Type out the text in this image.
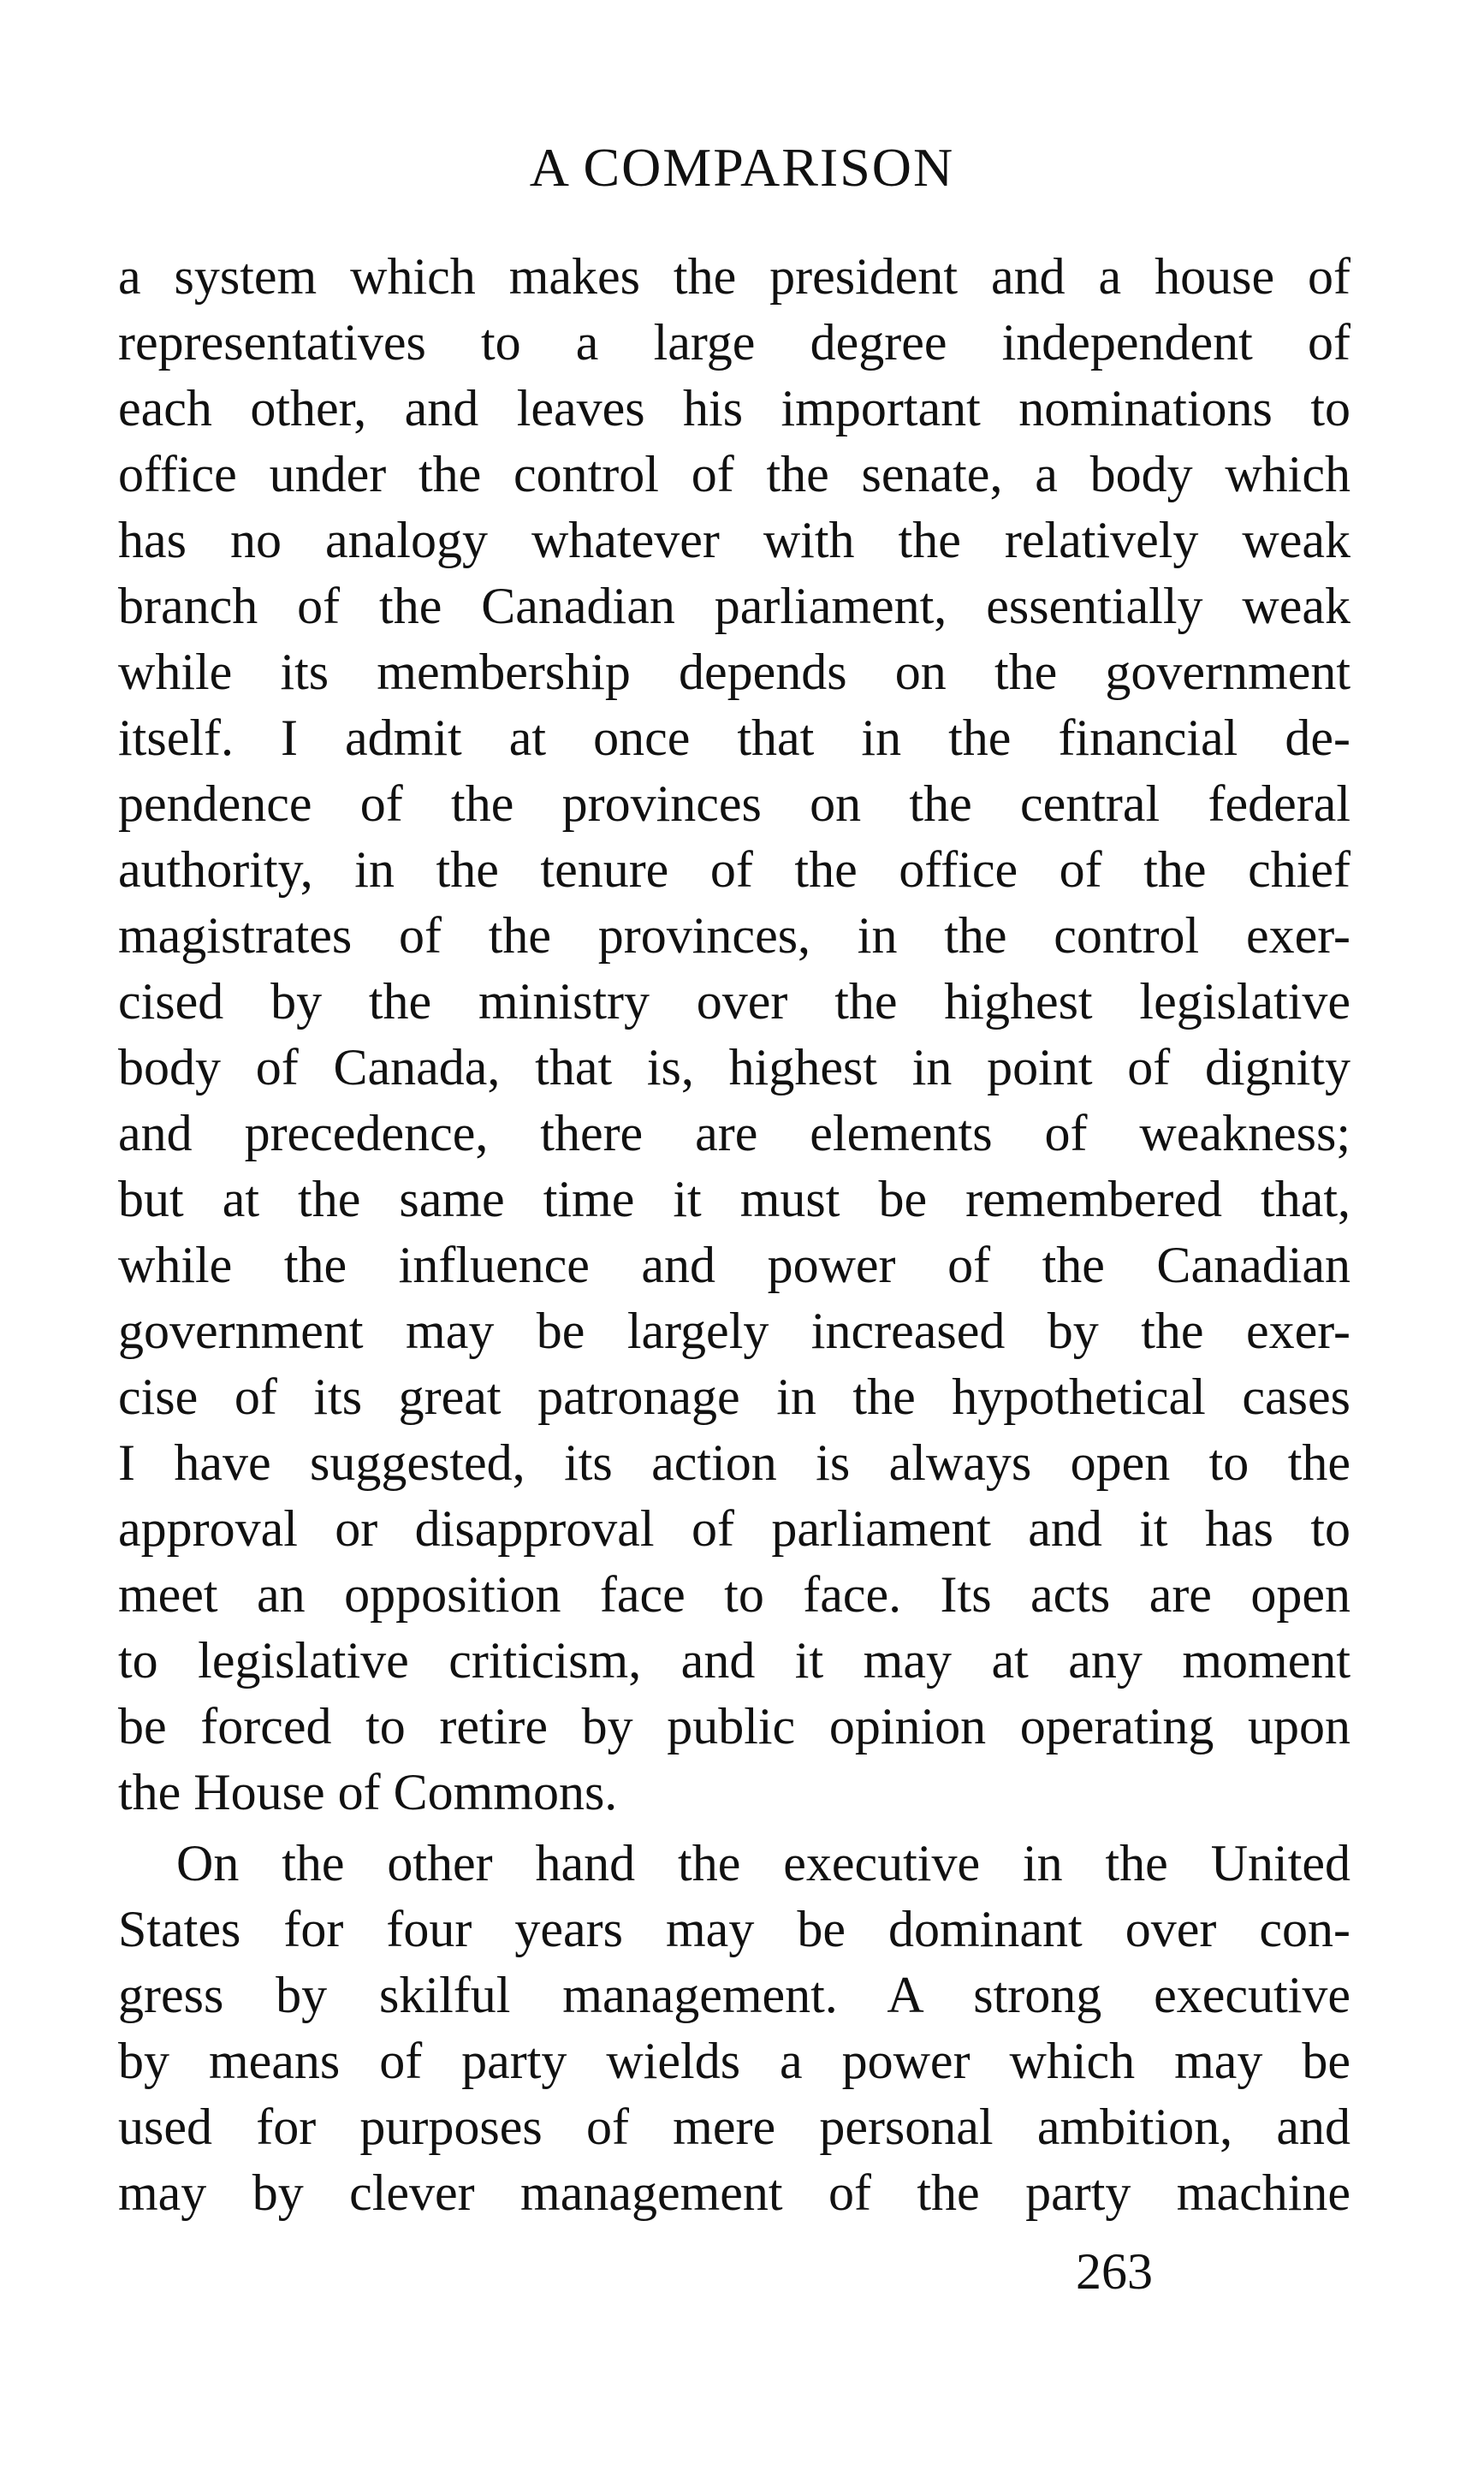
A COMPARISON
a system which makes the president and a house of
representatives to a large degree independent of
each other, and leaves his important nominations to
office under the control of the senate, a body which
has no analogy whatever with the relatively weak
branch of the Canadian parliament, essentially weak
while its membership depends on the government
itself. I admit at once that in the financial de-
pendence of the provinces on the central federal
authority, in the tenure of the office of the chief
magistrates of the provinces, in the control exer-
cised by the ministry over the highest legislative
body of Canada, that is, highest in point of dignity
and precedence, there are elements of weakness;
but at the same time it must be remembered that,
while the influence and power of the Canadian
government may be largely increased by the exer-
cise of its great patronage in the hypothetical cases
I have suggested, its action is always open to the
approval or disapproval of parliament and it has to
meet an opposition face to face. Its acts are open
to legislative criticism, and it may at any moment
be forced to retire by public opinion operating upon
the House of Commons.
On the other hand the executive in the United
States for four years may be dominant over con-
gress by skilful management. A strong executive
by means of party wields a power which may be
used for purposes of mere personal ambition, and
may by clever management of the party machine
263
